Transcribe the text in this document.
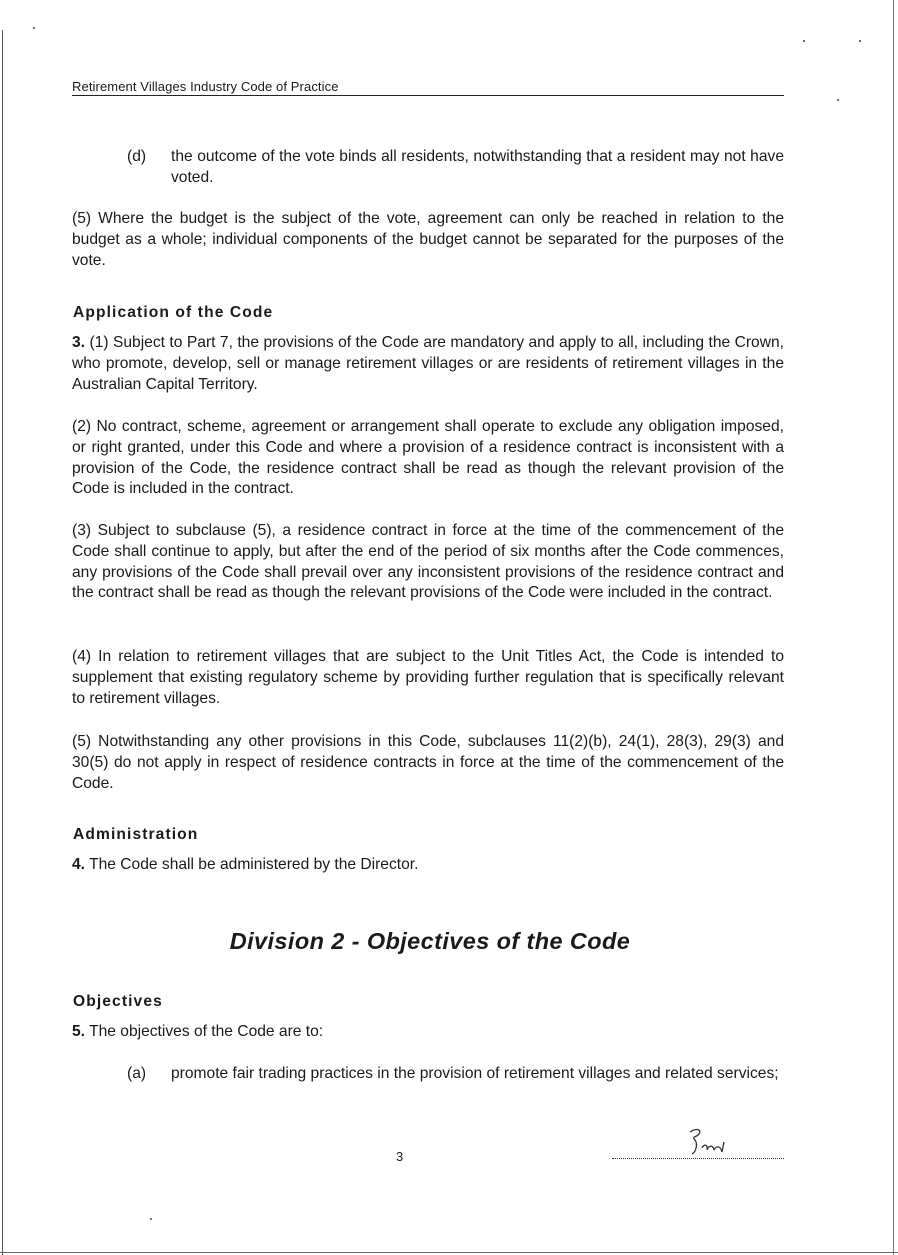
Retirement Villages Industry Code of Practice
(d)	the outcome of the vote binds all residents, notwithstanding that a resident may not have voted.

(5) Where the budget is the subject of the vote, agreement can only be reached in relation to the budget as a whole; individual components of the budget cannot be separated for the purposes of the vote.

Application of the Code

3. (1) Subject to Part 7, the provisions of the Code are mandatory and apply to all, including the Crown, who promote, develop, sell or manage retirement villages or are residents of retirement villages in the Australian Capital Territory.

(2) No contract, scheme, agreement or arrangement shall operate to exclude any obligation imposed, or right granted, under this Code and where a provision of a residence contract is inconsistent with a provision of the Code, the residence contract shall be read as though the relevant provision of the Code is included in the contract.

(3) Subject to subclause (5), a residence contract in force at the time of the commencement of the Code shall continue to apply, but after the end of the period of six months after the Code commences, any provisions of the Code shall prevail over any inconsistent provisions of the residence contract and the contract shall be read as though the relevant provisions of the Code were included in the contract.

(4) In relation to retirement villages that are subject to the Unit Titles Act, the Code is intended to supplement that existing regulatory scheme by providing further regulation that is specifically relevant to retirement villages.

(5) Notwithstanding any other provisions in this Code, subclauses 11(2)(b), 24(1), 28(3), 29(3) and 30(5) do not apply in respect of residence contracts in force at the time of the commencement of the Code.

Administration

4. The Code shall be administered by the Director.

Division 2 - Objectives of the Code
Objectives

5. The objectives of the Code are to:

(a)	promote fair trading practices in the provision of retirement villages and related services;
3
